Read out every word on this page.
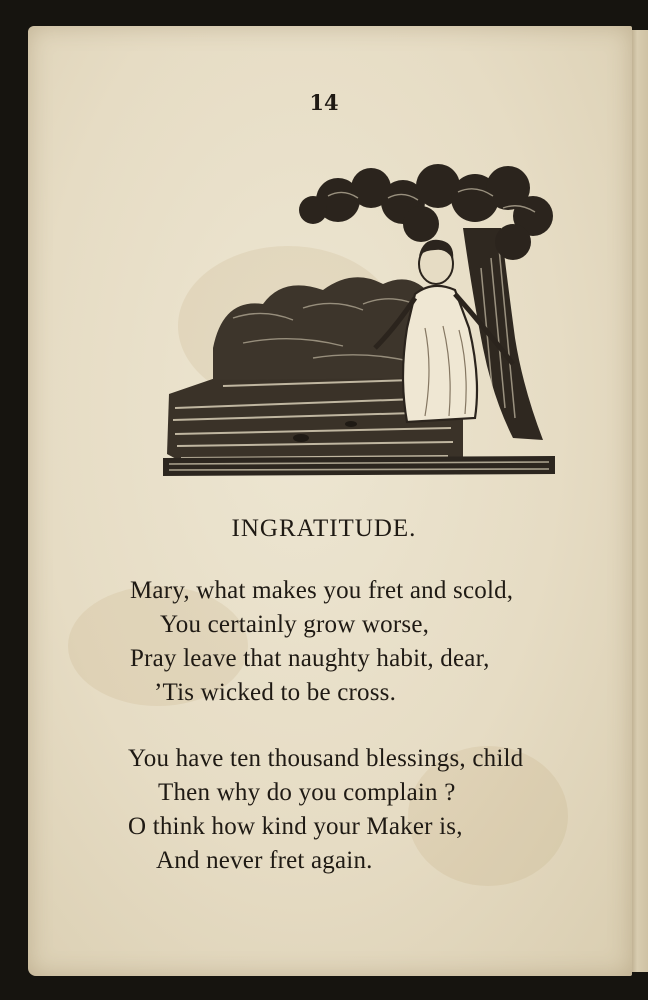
14
INGRATITUDE.
Mary, what makes you fret and scold,
You certainly grow worse,
Pray leave that naughty habit, dear,
’Tis wicked to be cross.
You have ten thousand blessings, child
Then why do you complain ?
O think how kind your Maker is,
And never fret again.
